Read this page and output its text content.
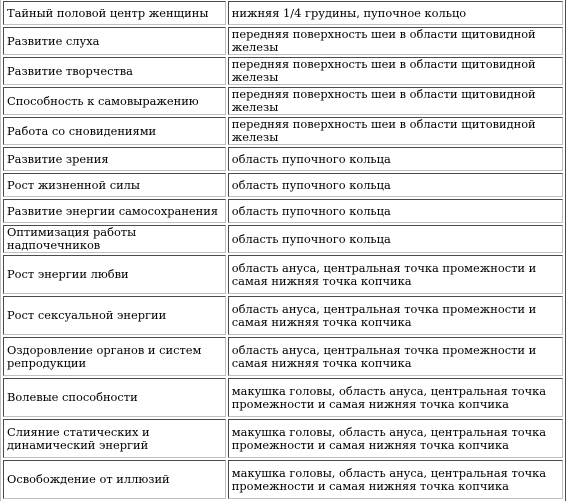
Тайный половой центр женщины	нижняя 1/4 грудины, пупочное кольцо
Развитие слуха	передняя поверхность шеи в области щитовидной железы
Развитие творчества	передняя поверхность шеи в области щитовидной железы
Способность к самовыражению	передняя поверхность шеи в области щитовидной железы
Работа со сновидениями	передняя поверхность шеи в области щитовидной железы
Развитие зрения	область пупочного кольца
Рост жизненной силы	область пупочного кольца
Развитие энергии самосохранения	область пупочного кольца
Оптимизация работы надпочечников	область пупочного кольца
Рост энергии любви	область ануса, центральная точка промежности и самая нижняя точка копчика
Рост сексуальной энергии	область ануса, центральная точка промежности и самая нижняя точка копчика
Оздоровление органов и систем репродукции	область ануса, центральная точка промежности и самая нижняя точка копчика
Волевые способности	макушка головы, область ануса, центральная точка промежности и самая нижняя точка копчика
Слияние статических и динамический энергий	макушка головы, область ануса, центральная точка промежности и самая нижняя точка копчика
Освобождение от иллюзий	макушка головы, область ануса, центральная точка промежности и самая нижняя точка копчика
